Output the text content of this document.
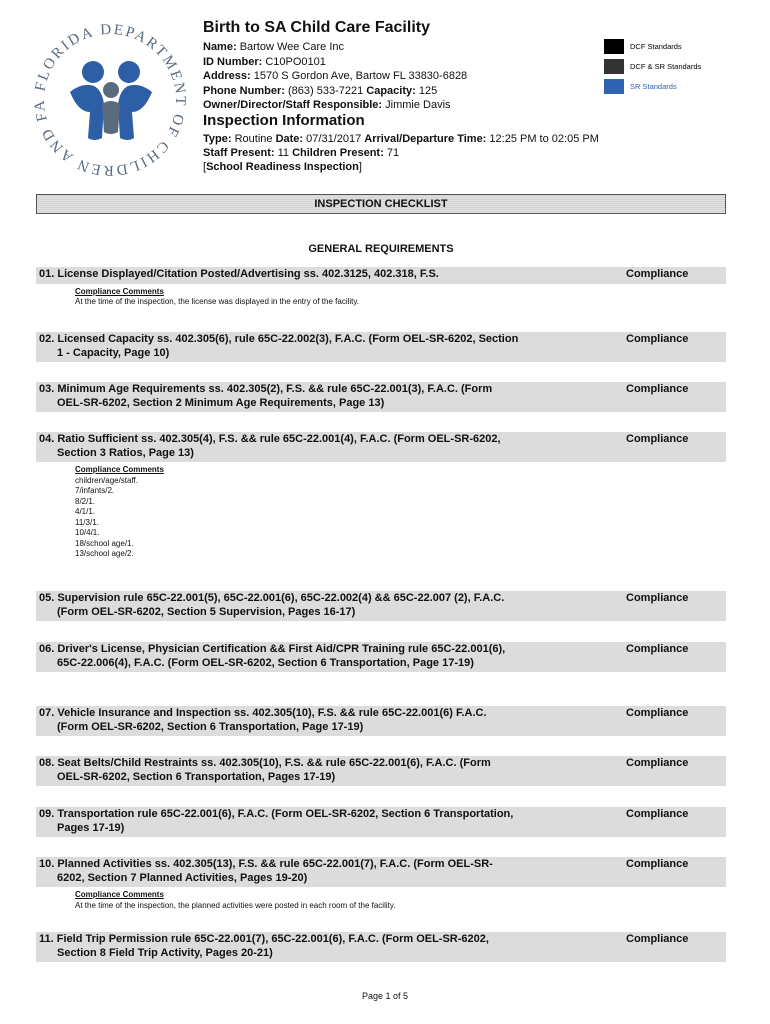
FLORIDA DEPARTMENT OF CHILDREN AND FA
Birth to SA Child Care Facility
Name: Bartow Wee Care Inc
ID Number: C10PO0101
Address: 1570 S Gordon Ave, Bartow FL 33830-6828
Phone Number: (863) 533-7221 Capacity: 125
Owner/Director/Staff Responsible: Jimmie Davis
DCF Standards
DCF & SR Standards
SR Standards
Inspection Information
Type: Routine Date: 07/31/2017 Arrival/Departure Time: 12:25 PM to 02:05 PM
Staff Present: 11 Children Present: 71
[School Readiness Inspection]
INSPECTION CHECKLIST
GENERAL REQUIREMENTS
01. License Displayed/Citation Posted/Advertising ss. 402.3125, 402.318, F.S.	Compliance
Compliance Comments
At the time of the inspection, the license was displayed in the entry of the facility.
02. Licensed Capacity ss. 402.305(6), rule 65C-22.002(3), F.A.C. (Form OEL-SR-6202, Section 1 - Capacity, Page 10)
Compliance
03. Minimum Age Requirements ss. 402.305(2), F.S. && rule 65C-22.001(3), F.A.C. (Form OEL-SR-6202, Section 2 Minimum Age Requirements, Page 13)
Compliance
04. Ratio Sufficient ss. 402.305(4), F.S. && rule 65C-22.001(4), F.A.C. (Form OEL-SR-6202, Section 3 Ratios, Page 13)
Compliance
Compliance Comments
children/age/staff.
7/infants/2.
8/2/1.
4/1/1.
11/3/1.
10/4/1.
18/school age/1.
13/school age/2.
05. Supervision rule 65C-22.001(5), 65C-22.001(6), 65C-22.002(4) && 65C-22.007 (2), F.A.C. (Form OEL-SR-6202, Section 5 Supervision, Pages 16-17)
Compliance
06. Driver's License, Physician Certification && First Aid/CPR Training rule 65C-22.001(6), 65C-22.006(4), F.A.C. (Form OEL-SR-6202, Section 6 Transportation, Page 17-19)
Compliance
07. Vehicle Insurance and Inspection ss. 402.305(10), F.S. && rule 65C-22.001(6) F.A.C. (Form OEL-SR-6202, Section 6 Transportation, Page 17-19)
Compliance
08. Seat Belts/Child Restraints ss. 402.305(10), F.S. && rule 65C-22.001(6), F.A.C. (Form OEL-SR-6202, Section 6 Transportation, Pages 17-19)
Compliance
09. Transportation rule 65C-22.001(6), F.A.C. (Form OEL-SR-6202, Section 6 Transportation, Pages 17-19)
Compliance
10. Planned Activities ss. 402.305(13), F.S. && rule 65C-22.001(7), F.A.C. (Form OEL-SR-6202, Section 7 Planned Activities, Pages 19-20)
Compliance
Compliance Comments
At the time of the inspection, the planned activities were posted in each room of the facility.
11. Field Trip Permission rule 65C-22.001(7), 65C-22.001(6), F.A.C. (Form OEL-SR-6202, Section 8 Field Trip Activity, Pages 20-21)
Compliance
Page 1 of 5
